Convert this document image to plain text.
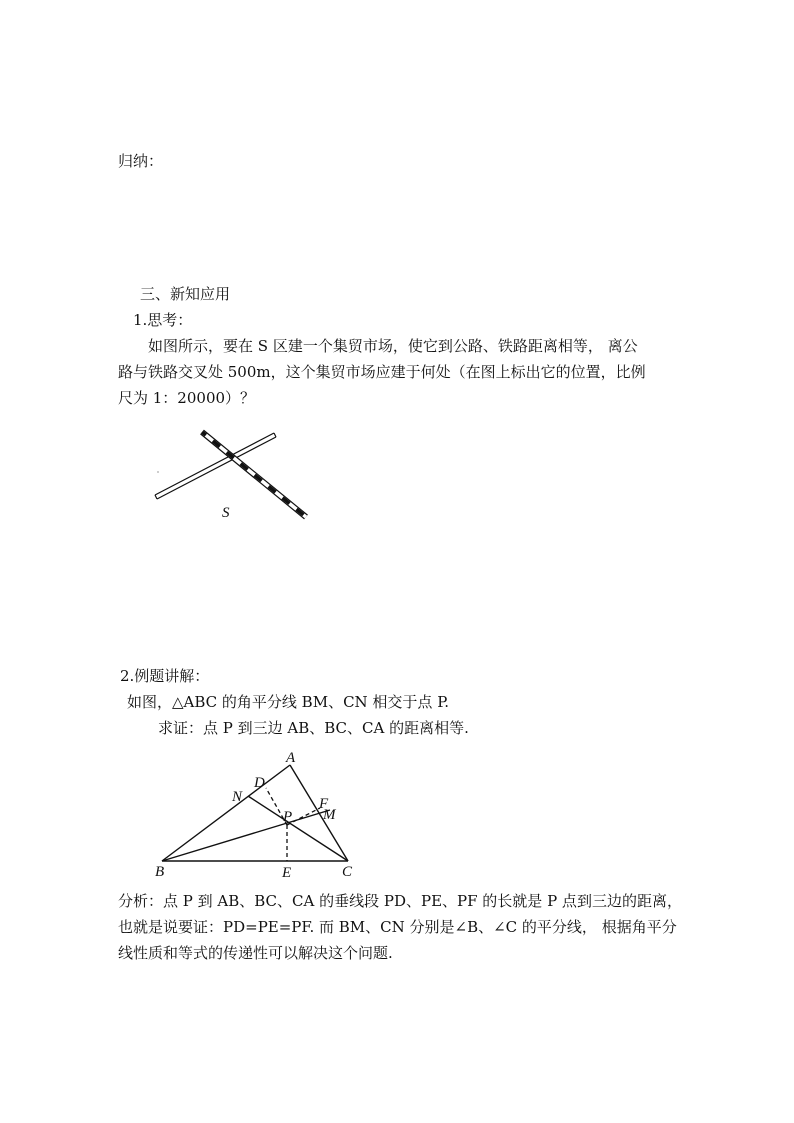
归纳：
三、新知应用
1.思考：
如图所示，要在 S 区建一个集贸市场，使它到公路、铁路距离相等， 离公
路与铁路交叉处 500m，这个集贸市场应建于何处（在图上标出它的位置，比例
尺为 1：20000）？
S
2.例题讲解：
如图，△ABC 的角平分线 BM、CN 相交于点 P.
求证：点 P 到三边 AB、BC、CA 的距离相等.
A
B	C
D
E
F
M
N
P
分析：点 P 到 AB、BC、CA 的垂线段 PD、PE、PF 的长就是 P 点到三边的距离，
也就是说要证：PD=PE=PF. 而 BM、CN 分别是∠B、∠C 的平分线， 根据角平分
线性质和等式的传递性可以解决这个问题.
